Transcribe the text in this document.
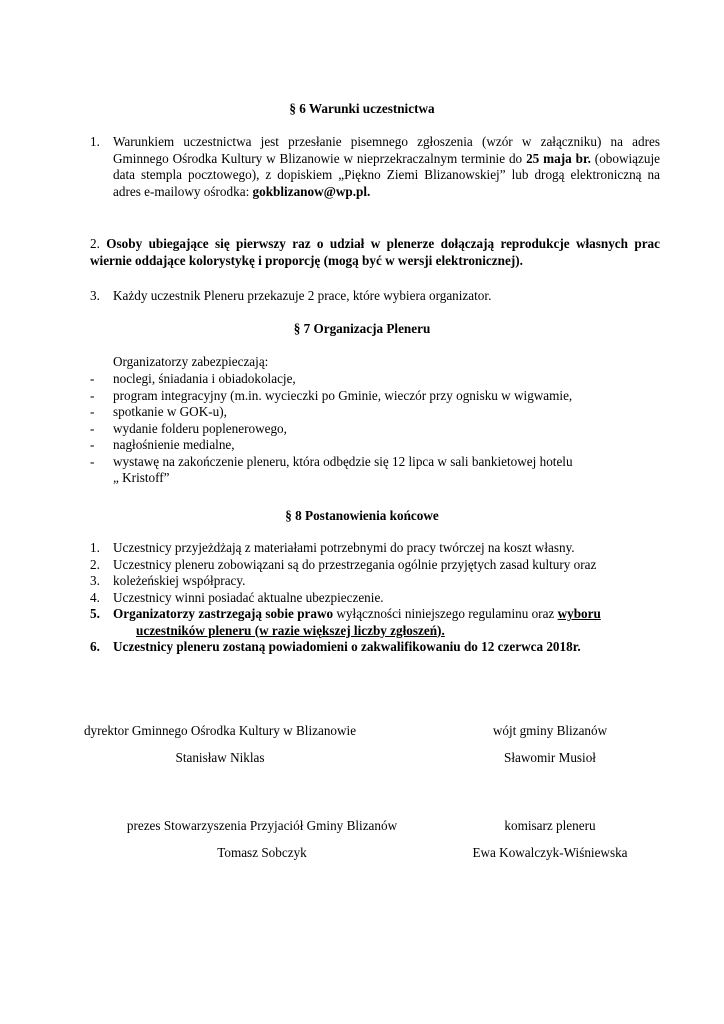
§ 6 Warunki uczestnictwa
1. Warunkiem uczestnictwa jest przesłanie pisemnego zgłoszenia (wzór w załączniku) na adres Gminnego Ośrodka Kultury w Blizanowie w nieprzekraczalnym terminie do 25 maja br. (obowiązuje data stempla pocztowego), z dopiskiem „Piękno Ziemi Blizanowskiej” lub drogą elektroniczną na adres e-mailowy ośrodka: gokblizanow@wp.pl.
2. Osoby ubiegające się pierwszy raz o udział w plenerze dołączają reprodukcje własnych prac wiernie oddające kolorystykę i proporcję (mogą być w wersji elektronicznej).
3. Każdy uczestnik Pleneru przekazuje 2 prace, które wybiera organizator.
§ 7 Organizacja Pleneru
Organizatorzy zabezpieczają:
- noclegi, śniadania i obiadokolacje,
- program integracyjny (m.in. wycieczki po Gminie, wieczór przy ognisku w wigwamie,
- spotkanie w GOK-u),
- wydanie folderu poplenerowego,
- nagłośnienie medialne,
- wystawę na zakończenie pleneru, która odbędzie się 12 lipca w sali bankietowej hotelu
„ Kristoff”
§ 8 Postanowienia końcowe
1. Uczestnicy przyjeżdżają z materiałami potrzebnymi do pracy twórczej na koszt własny.
2. Uczestnicy pleneru zobowiązani są do przestrzegania ogólnie przyjętych zasad kultury oraz
3. koleżeńskiej współpracy.
4. Uczestnicy winni posiadać aktualne ubezpieczenie.
5. Organizatorzy zastrzegają sobie prawo wyłączności niniejszego regulaminu oraz wyboru
uczestników pleneru (w razie większej liczby zgłoszeń).
6. Uczestnicy pleneru zostaną powiadomieni o zakwalifikowaniu do 12 czerwca 2018r.
dyrektor Gminnego Ośrodka Kultury w Blizanowie
Stanisław Niklas
wójt gminy Blizanów
Sławomir Musioł
prezes Stowarzyszenia Przyjaciół Gminy Blizanów
Tomasz Sobczyk
komisarz pleneru
Ewa Kowalczyk-Wiśniewska
